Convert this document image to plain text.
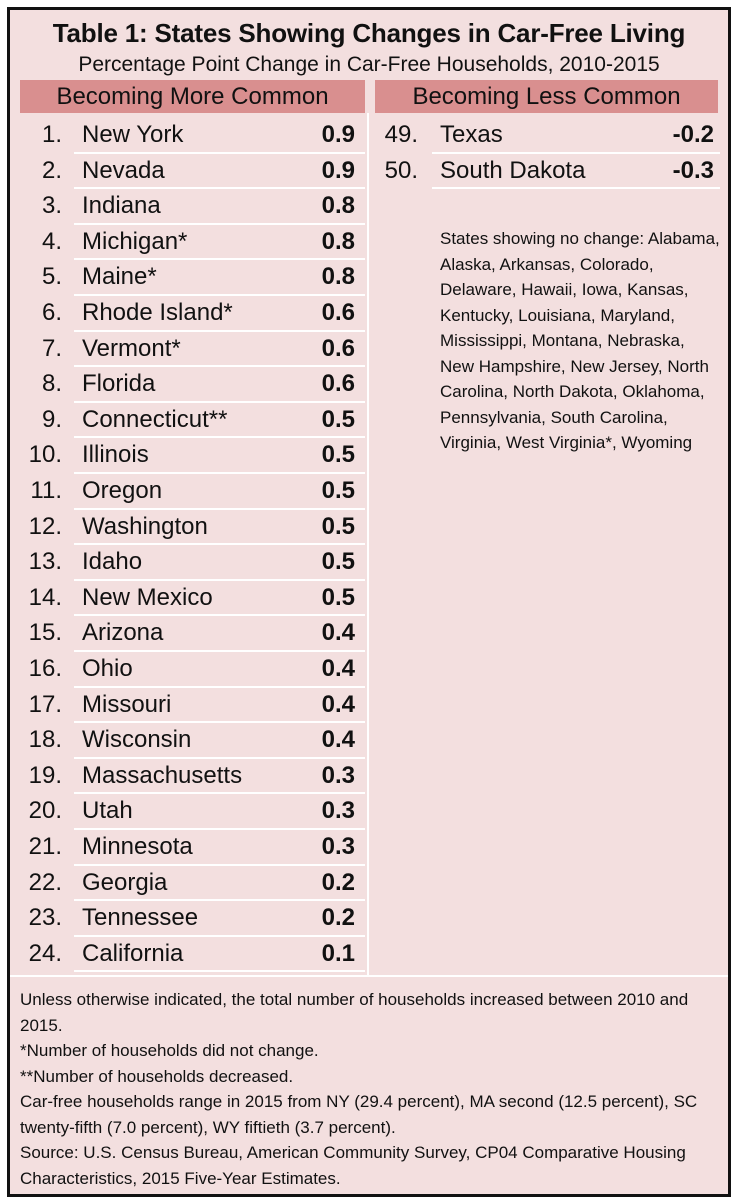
Table 1: States Showing Changes in Car-Free Living
Percentage Point Change in Car-Free Households, 2010-2015
Becoming More Common	Becoming Less Common
1. New York	0.9
2. Nevada	0.9
3. Indiana	0.8
4. Michigan*	0.8
5. Maine*	0.8
6. Rhode Island*	0.6
7. Vermont*	0.6
8. Florida	0.6
9. Connecticut**	0.5
10. Illinois	0.5
11. Oregon	0.5
12. Washington	0.5
13. Idaho	0.5
14. New Mexico	0.5
15. Arizona	0.4
16. Ohio	0.4
17. Missouri	0.4
18. Wisconsin	0.4
19. Massachusetts	0.3
20. Utah	0.3
21. Minnesota	0.3
22. Georgia	0.2
23. Tennessee	0.2
24. California	0.1
49. Texas	-0.2
50. South Dakota	-0.3
States showing no change: Alabama, Alaska, Arkansas, Colorado, Delaware, Hawaii, Iowa, Kansas, Kentucky, Louisiana, Maryland, Mississippi, Montana, Nebraska, New Hampshire, New Jersey, North Carolina, North Dakota, Oklahoma, Pennsylvania, South Carolina, Virginia, West Virginia*, Wyoming

Unless otherwise indicated, the total number of households increased between 2010 and 2015.

*Number of households did not change.

**Number of households decreased.

Car-free households range in 2015 from NY (29.4 percent), MA second (12.5 percent), SC twenty-fifth (7.0 percent), WY fiftieth (3.7 percent).

Source: U.S. Census Bureau, American Community Survey, CP04 Comparative Housing Characteristics, 2015 Five-Year Estimates.
